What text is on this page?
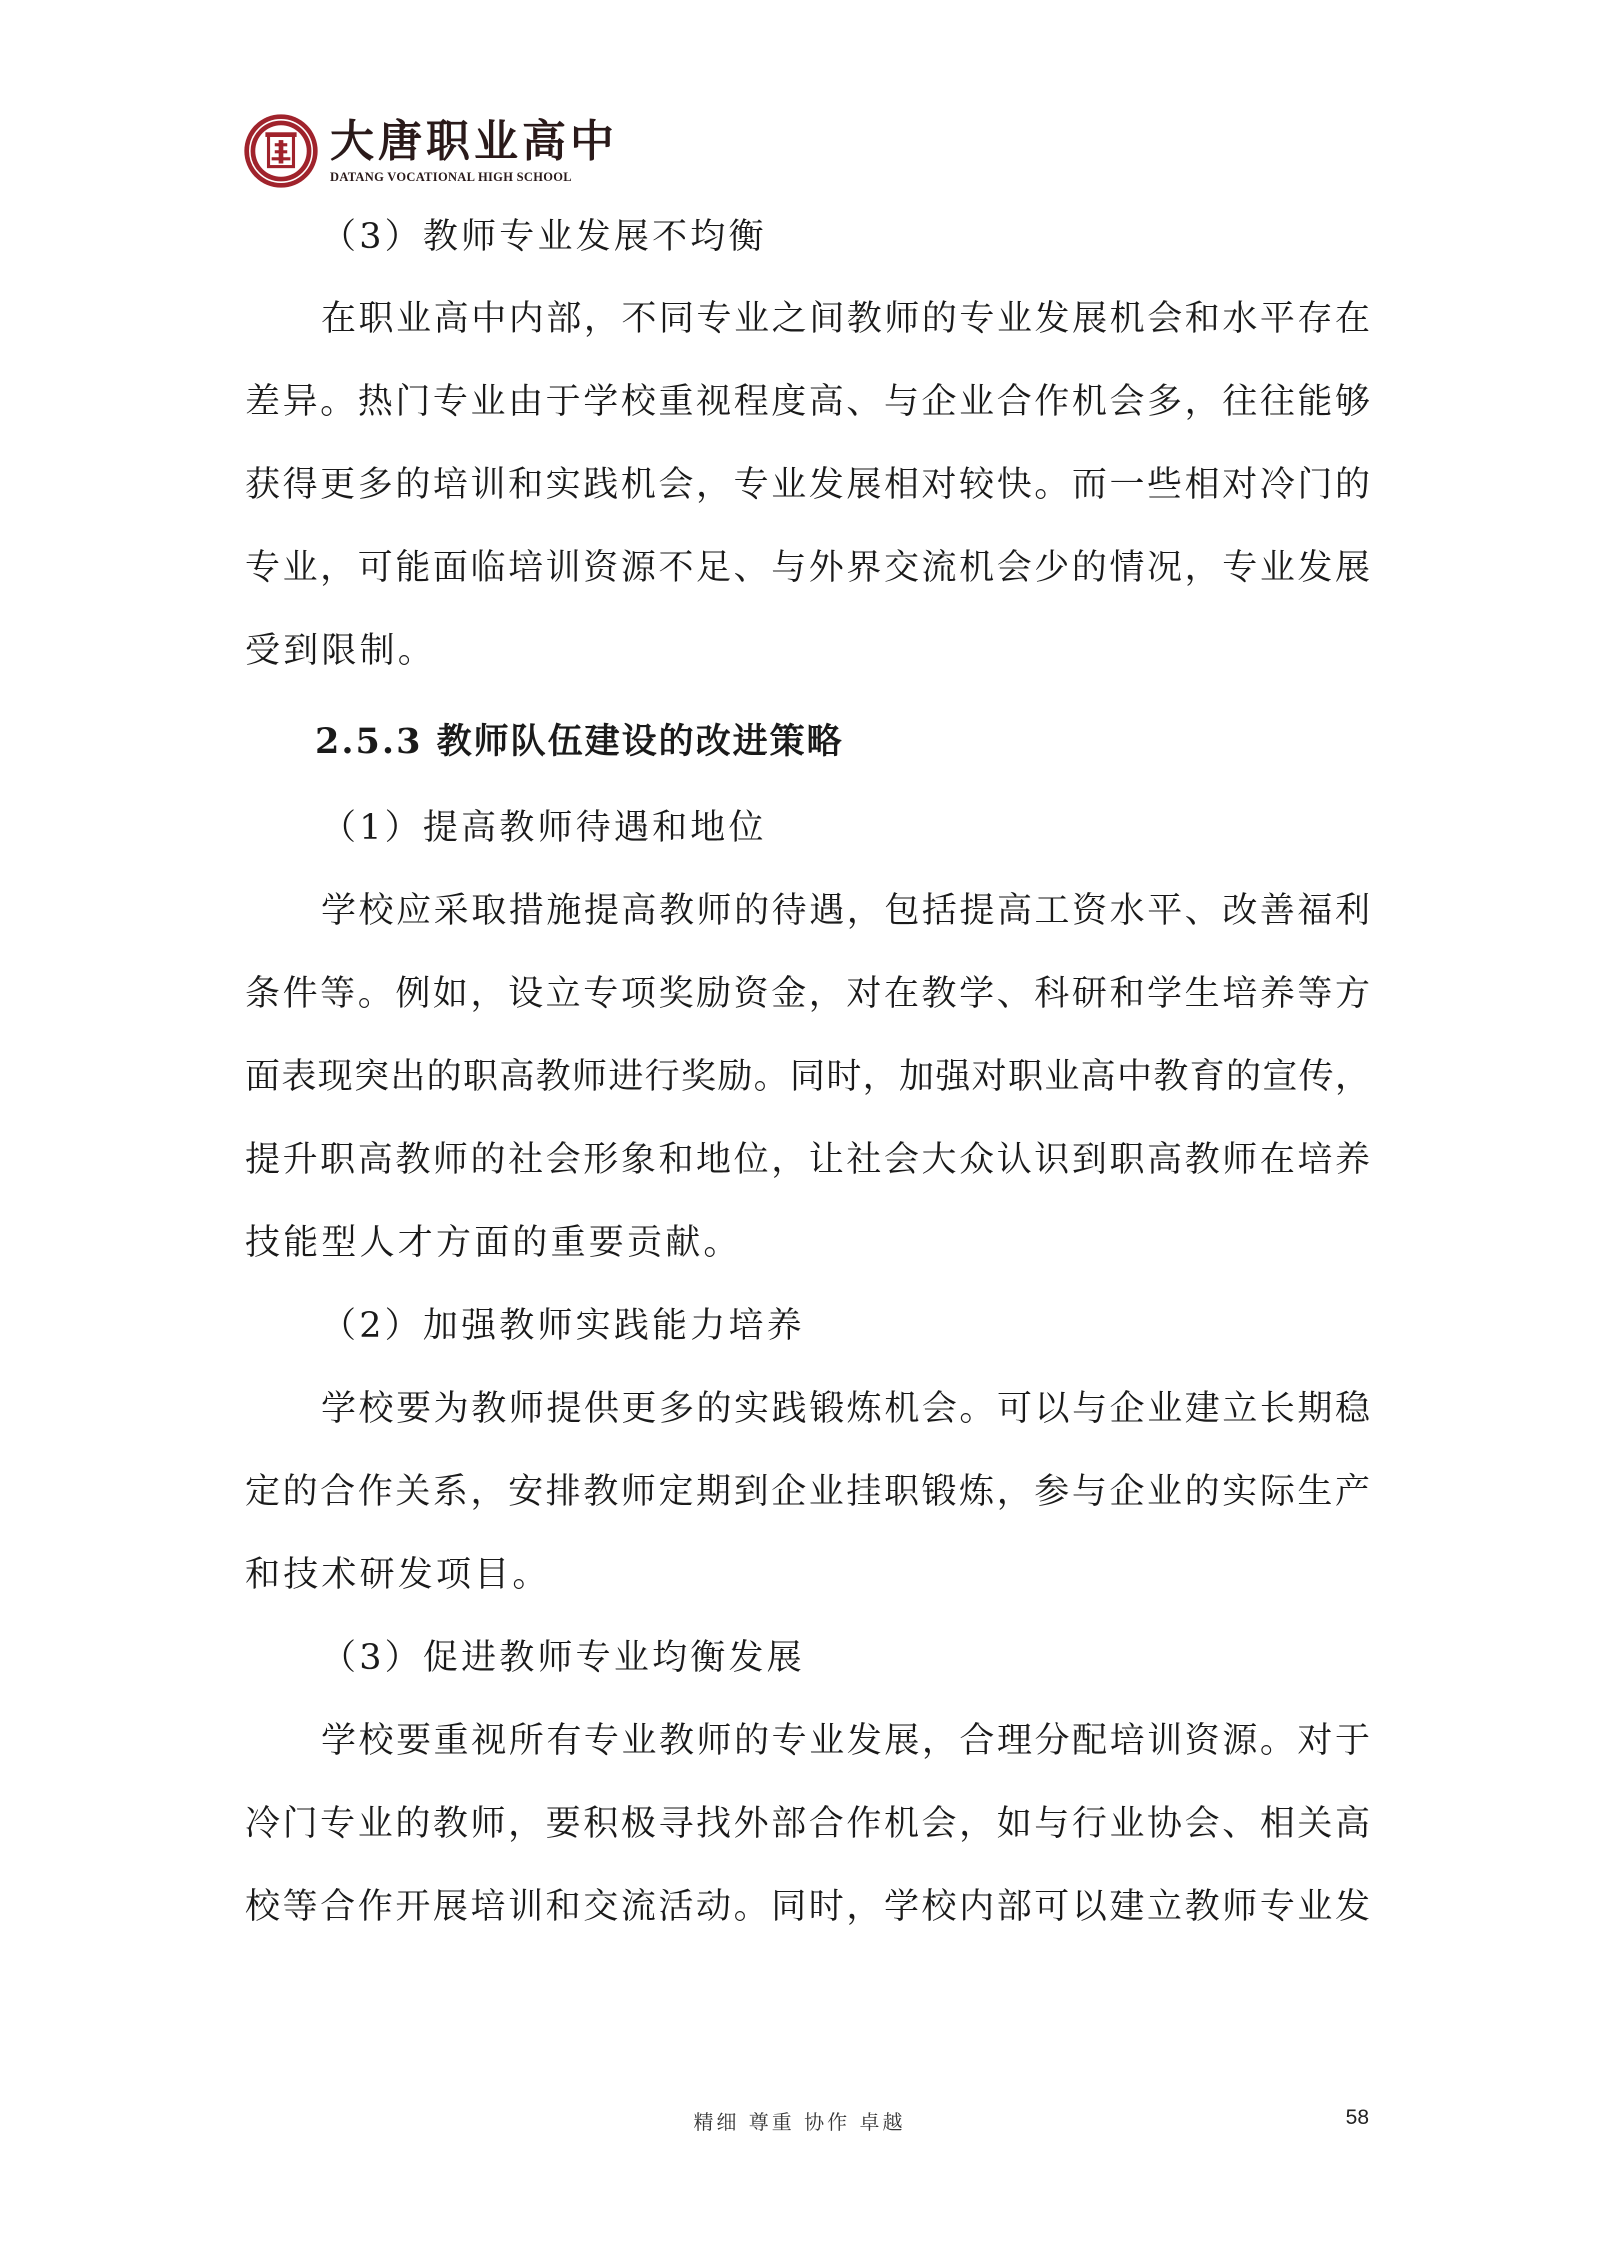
大唐职业高中
DATANG VOCATIONAL HIGH SCHOOL
（3）教师专业发展不均衡
在职业高中内部，不同专业之间教师的专业发展机会和水平存在
差异。热门专业由于学校重视程度高、与企业合作机会多，往往能够
获得更多的培训和实践机会，专业发展相对较快。而一些相对冷门的
专业，可能面临培训资源不足、与外界交流机会少的情况，专业发展
受到限制。
2.5.3 教师队伍建设的改进策略
（1）提高教师待遇和地位
学校应采取措施提高教师的待遇，包括提高工资水平、改善福利
条件等。例如，设立专项奖励资金，对在教学、科研和学生培养等方
面表现突出的职高教师进行奖励。同时，加强对职业高中教育的宣传，
提升职高教师的社会形象和地位，让社会大众认识到职高教师在培养
技能型人才方面的重要贡献。
（2）加强教师实践能力培养
学校要为教师提供更多的实践锻炼机会。可以与企业建立长期稳
定的合作关系，安排教师定期到企业挂职锻炼，参与企业的实际生产
和技术研发项目。
（3）促进教师专业均衡发展
学校要重视所有专业教师的专业发展，合理分配培训资源。对于
冷门专业的教师，要积极寻找外部合作机会，如与行业协会、相关高
校等合作开展培训和交流活动。同时，学校内部可以建立教师专业发
精细 尊重 协作 卓越	58
